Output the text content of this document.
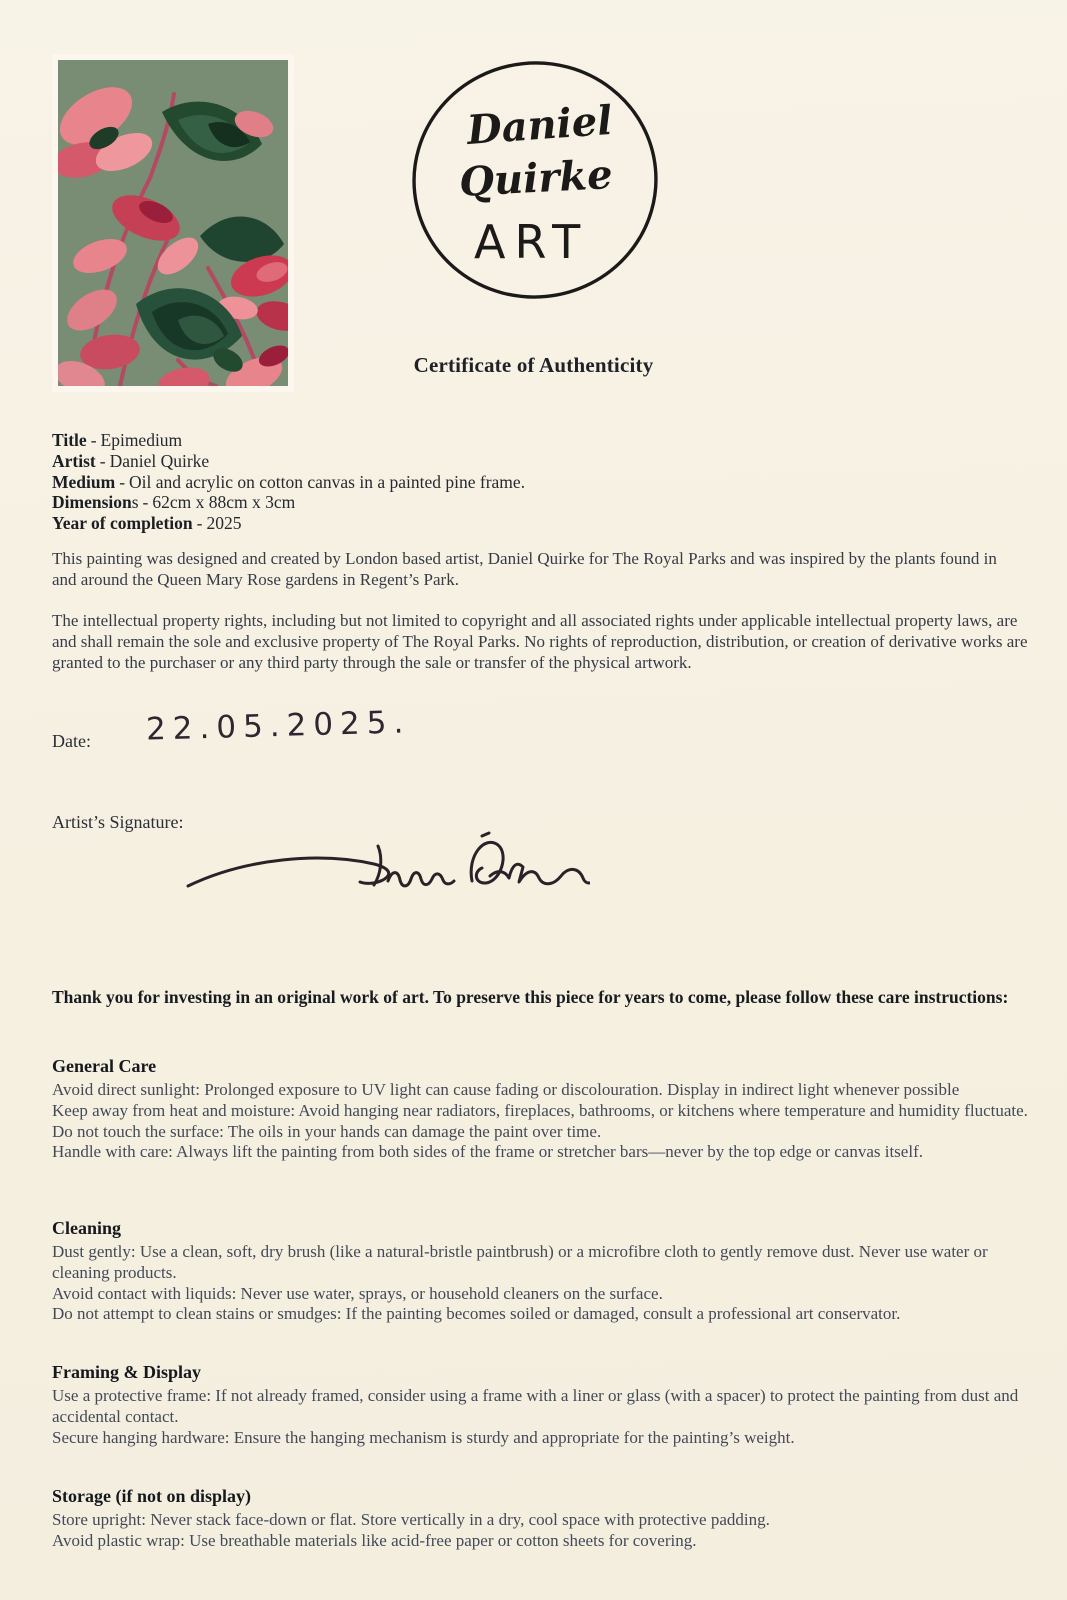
Daniel
Quirke
ART
Certificate of Authenticity
Title - Epimedium
Artist - Daniel Quirke
Medium - Oil and acrylic on cotton canvas in a painted pine frame.
Dimensions - 62cm x 88cm x 3cm
Year of completion - 2025

This painting was designed and created by London based artist, Daniel Quirke for The Royal Parks and was inspired by the plants found in and around the Queen Mary Rose gardens in Regent’s Park.

The intellectual property rights, including but not limited to copyright and all associated rights under applicable intellectual property laws, are and shall remain the sole and exclusive property of The Royal Parks. No rights of reproduction, distribution, or creation of derivative works are granted to the purchaser or any third party through the sale or transfer of the physical artwork.

Date: 22.05.2025.
Artist’s Signature:
Thank you for investing in an original work of art. To preserve this piece for years to come, please follow these care instructions:
General Care
Avoid direct sunlight: Prolonged exposure to UV light can cause fading or discolouration. Display in indirect light whenever possible
Keep away from heat and moisture: Avoid hanging near radiators, fireplaces, bathrooms, or kitchens where temperature and humidity fluctuate.
Do not touch the surface: The oils in your hands can damage the paint over time.
Handle with care: Always lift the painting from both sides of the frame or stretcher bars—never by the top edge or canvas itself.
Cleaning
Dust gently: Use a clean, soft, dry brush (like a natural-bristle paintbrush) or a microfibre cloth to gently remove dust. Never use water or cleaning products.
Avoid contact with liquids: Never use water, sprays, or household cleaners on the surface.
Do not attempt to clean stains or smudges: If the painting becomes soiled or damaged, consult a professional art conservator.
Framing & Display
Use a protective frame: If not already framed, consider using a frame with a liner or glass (with a spacer) to protect the painting from dust and accidental contact.
Secure hanging hardware: Ensure the hanging mechanism is sturdy and appropriate for the painting’s weight.
Storage (if not on display)
Store upright: Never stack face-down or flat. Store vertically in a dry, cool space with protective padding.
Avoid plastic wrap: Use breathable materials like acid-free paper or cotton sheets for covering.
